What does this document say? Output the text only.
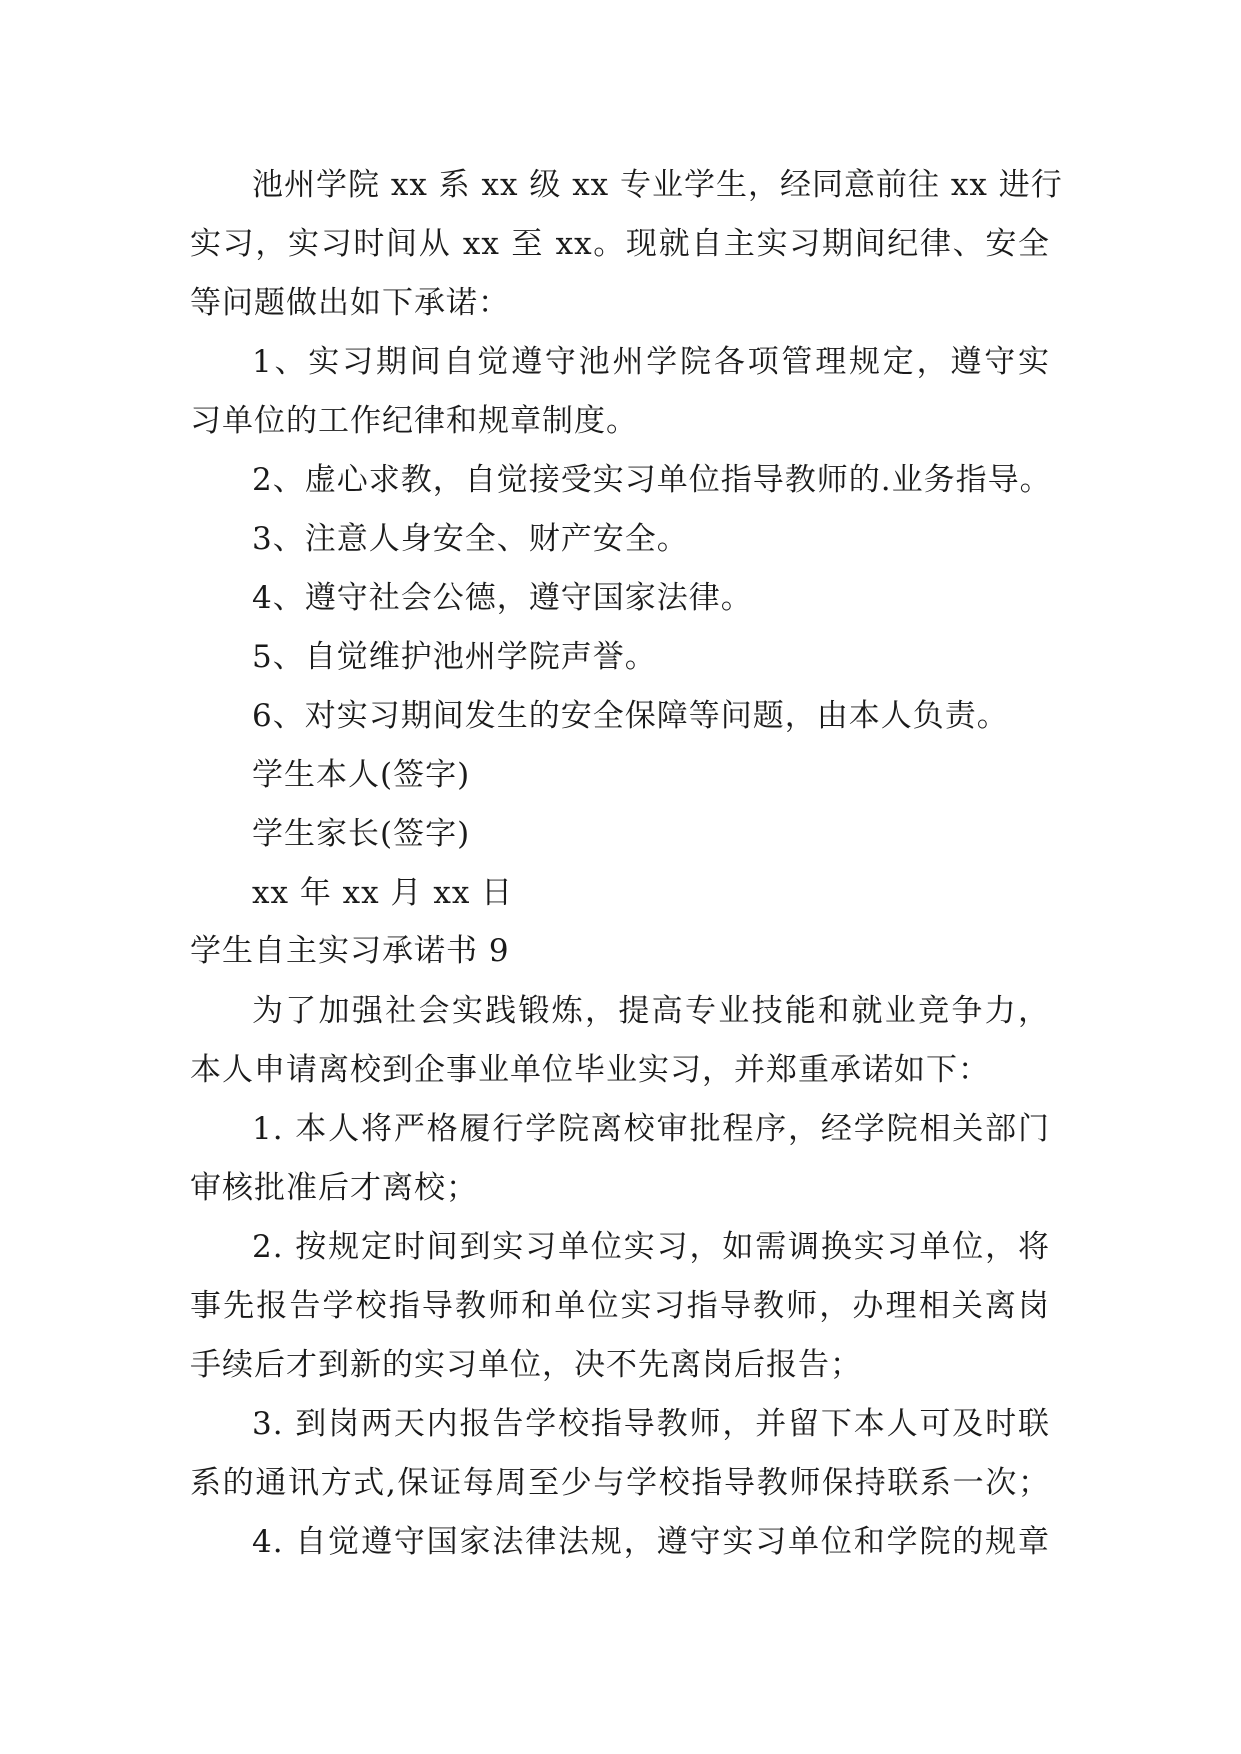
池州学院 xx 系 xx 级 xx 专业学生，经同意前往 xx 进行
实习，实习时间从 xx 至 xx。现就自主实习期间纪律、安全
等问题做出如下承诺：
1、实习期间自觉遵守池州学院各项管理规定，遵守实
习单位的工作纪律和规章制度。
2、虚心求教，自觉接受实习单位指导教师的.业务指导。
3、注意人身安全、财产安全。
4、遵守社会公德，遵守国家法律。
5、自觉维护池州学院声誉。
6、对实习期间发生的安全保障等问题，由本人负责。
学生本人(签字)
学生家长(签字)
xx 年 xx 月 xx 日
学生自主实习承诺书 9
为了加强社会实践锻炼，提高专业技能和就业竞争力，
本人申请离校到企事业单位毕业实习，并郑重承诺如下：
1. 本人将严格履行学院离校审批程序，经学院相关部门
审核批准后才离校；
2. 按规定时间到实习单位实习，如需调换实习单位，将
事先报告学校指导教师和单位实习指导教师，办理相关离岗
手续后才到新的实习单位，决不先离岗后报告；
3. 到岗两天内报告学校指导教师，并留下本人可及时联
系的通讯方式,保证每周至少与学校指导教师保持联系一次；
4. 自觉遵守国家法律法规，遵守实习单位和学院的规章
